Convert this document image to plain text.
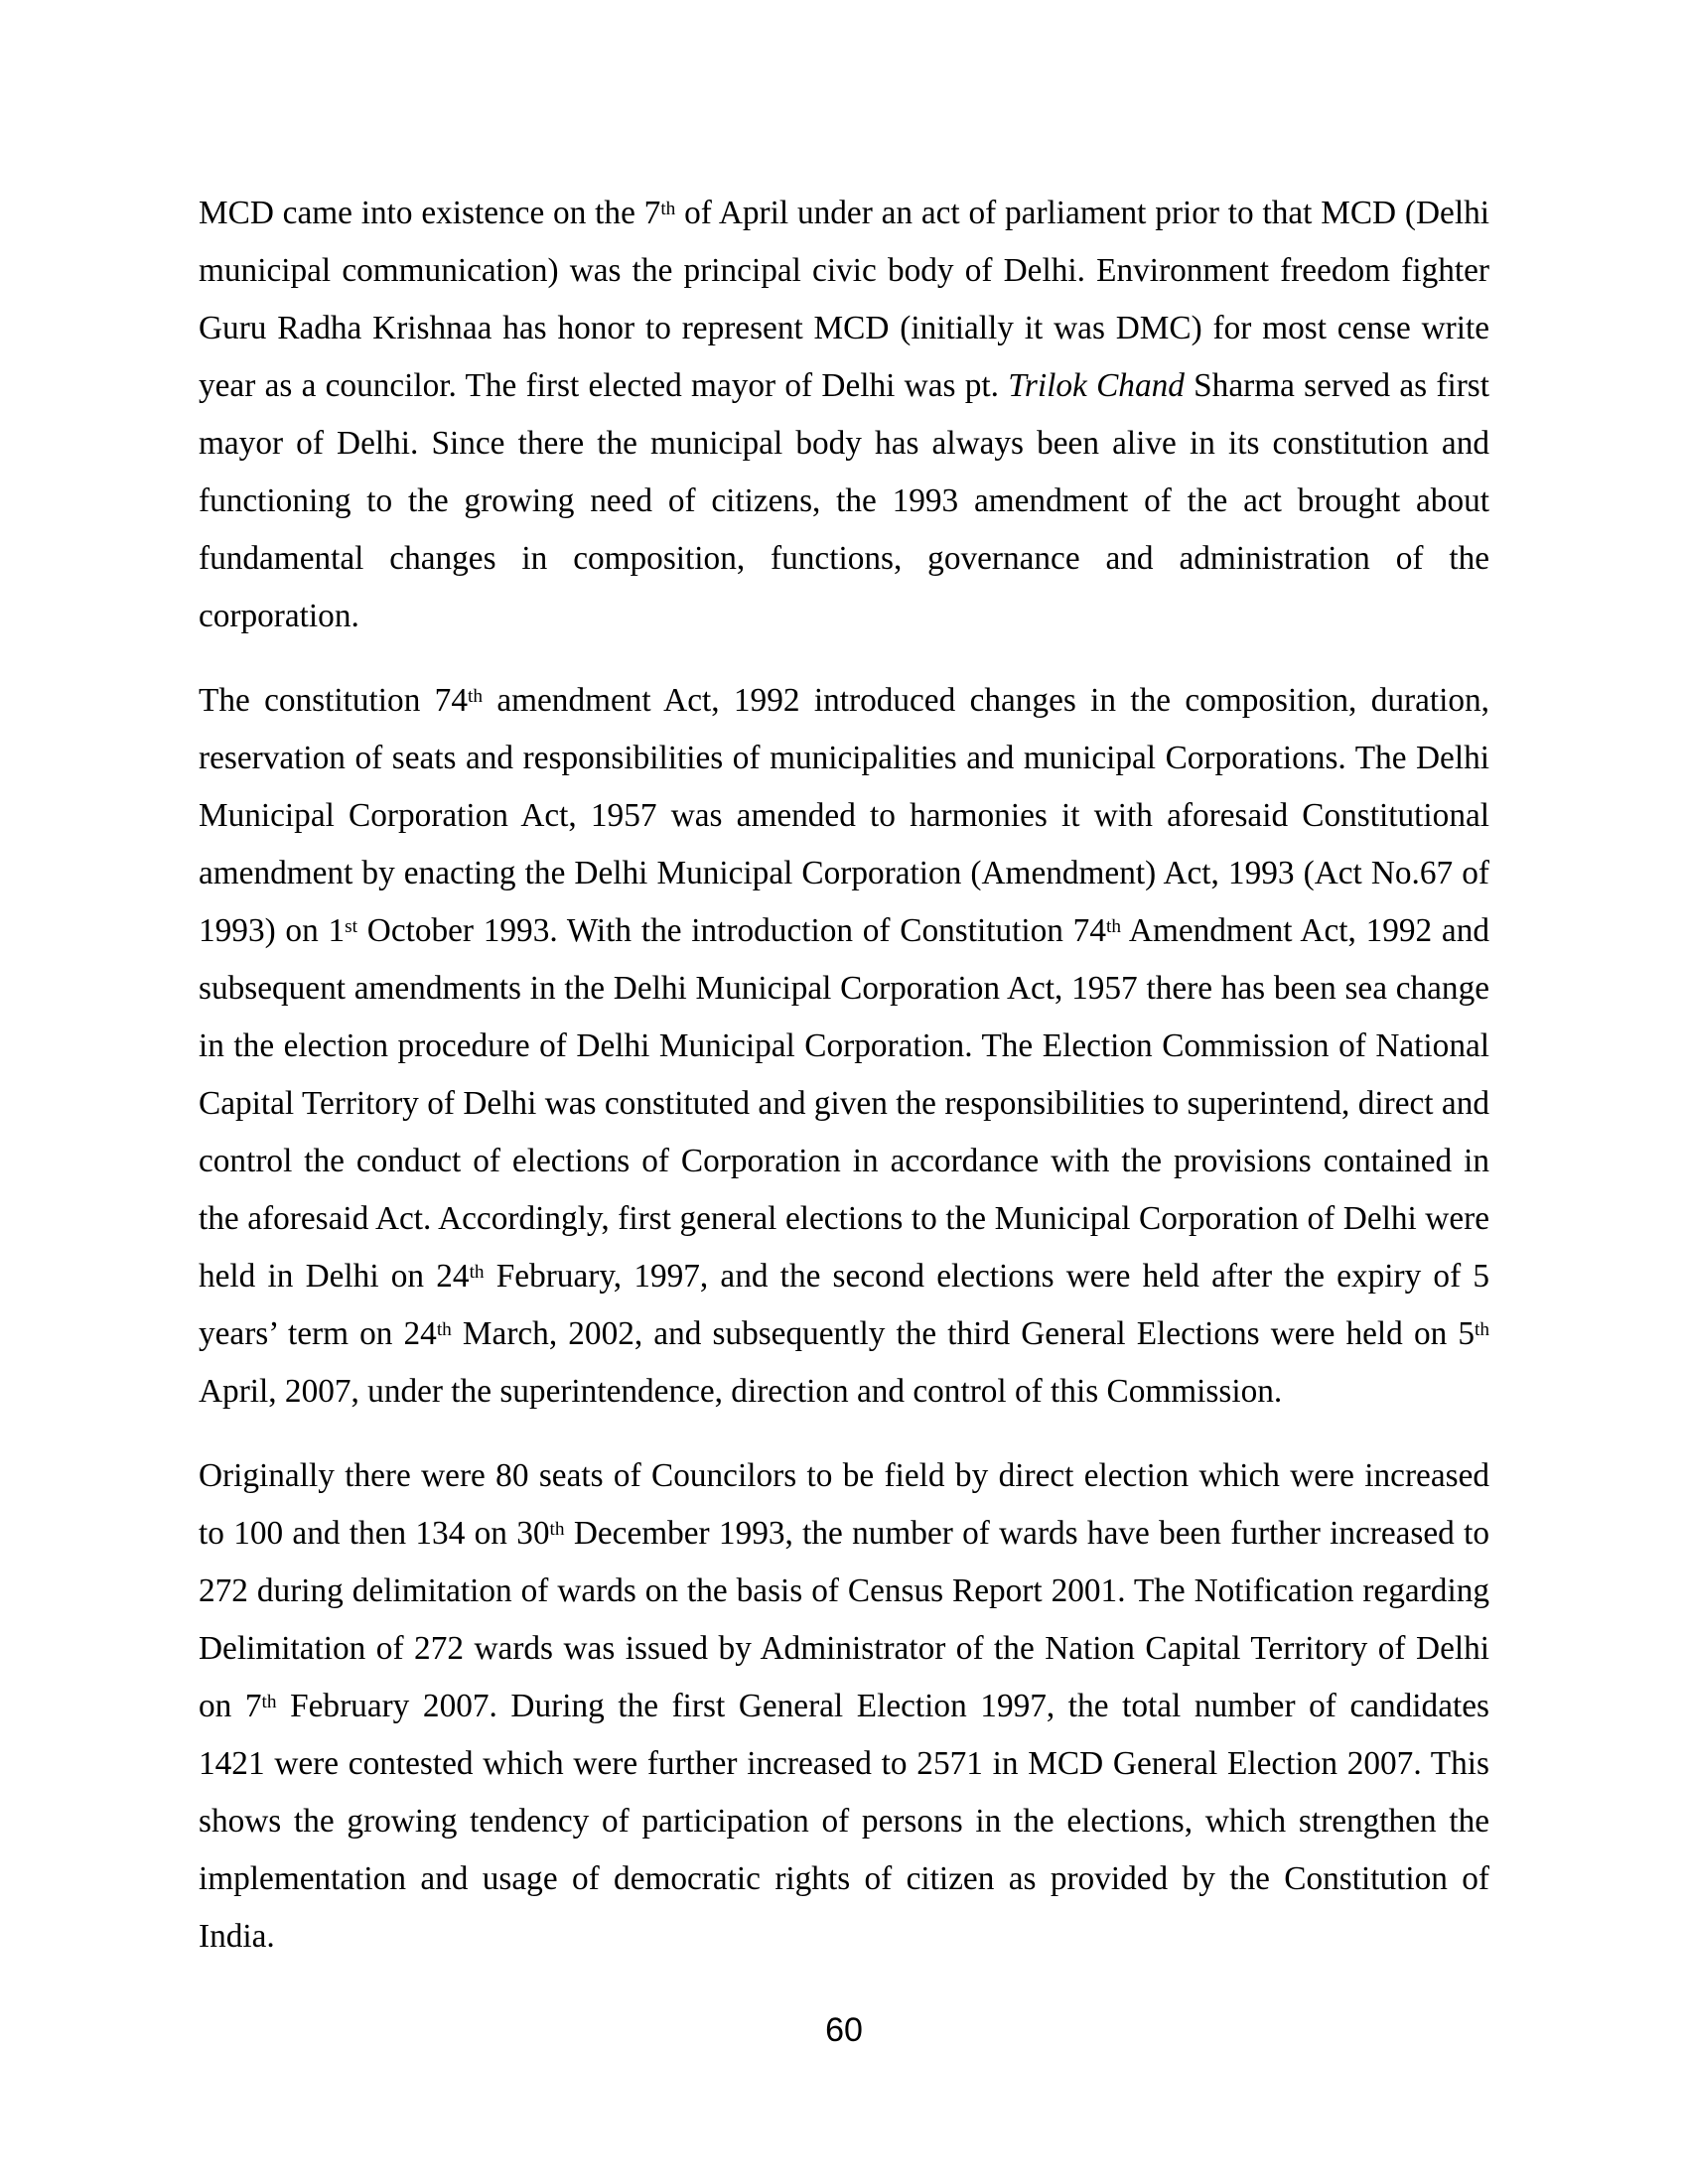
MCD came into existence on the 7th of April under an act of parliament prior to that MCD (Delhi municipal communication) was the principal civic body of Delhi. Environment freedom fighter Guru Radha Krishnaa has honor to represent MCD (initially it was DMC) for most cense write year as a councilor. The first elected mayor of Delhi was pt. Trilok Chand Sharma served as first mayor of Delhi. Since there the municipal body has always been alive in its constitution and functioning to the growing need of citizens, the 1993 amendment of the act brought about fundamental changes in composition, functions, governance and administration of the corporation.

The constitution 74th amendment Act, 1992 introduced changes in the composition, duration, reservation of seats and responsibilities of municipalities and municipal Corporations. The Delhi Municipal Corporation Act, 1957 was amended to harmonies it with aforesaid Constitutional amendment by enacting the Delhi Municipal Corporation (Amendment) Act, 1993 (Act No.67 of 1993) on 1st October 1993. With the introduction of Constitution 74th Amendment Act, 1992 and subsequent amendments in the Delhi Municipal Corporation Act, 1957 there has been sea change in the election procedure of Delhi Municipal Corporation. The Election Commission of National Capital Territory of Delhi was constituted and given the responsibilities to superintend, direct and control the conduct of elections of Corporation in accordance with the provisions contained in the aforesaid Act. Accordingly, first general elections to the Municipal Corporation of Delhi were held in Delhi on 24th February, 1997, and the second elections were held after the expiry of 5 years’ term on 24th March, 2002, and subsequently the third General Elections were held on 5th April, 2007, under the superintendence, direction and control of this Commission.

Originally there were 80 seats of Councilors to be field by direct election which were increased to 100 and then 134 on 30th December 1993, the number of wards have been further increased to 272 during delimitation of wards on the basis of Census Report 2001. The Notification regarding Delimitation of 272 wards was issued by Administrator of the Nation Capital Territory of Delhi on 7th February 2007. During the first General Election 1997, the total number of candidates 1421 were contested which were further increased to 2571 in MCD General Election 2007. This shows the growing tendency of participation of persons in the elections, which strengthen the implementation and usage of democratic rights of citizen as provided by the Constitution of India.

60
